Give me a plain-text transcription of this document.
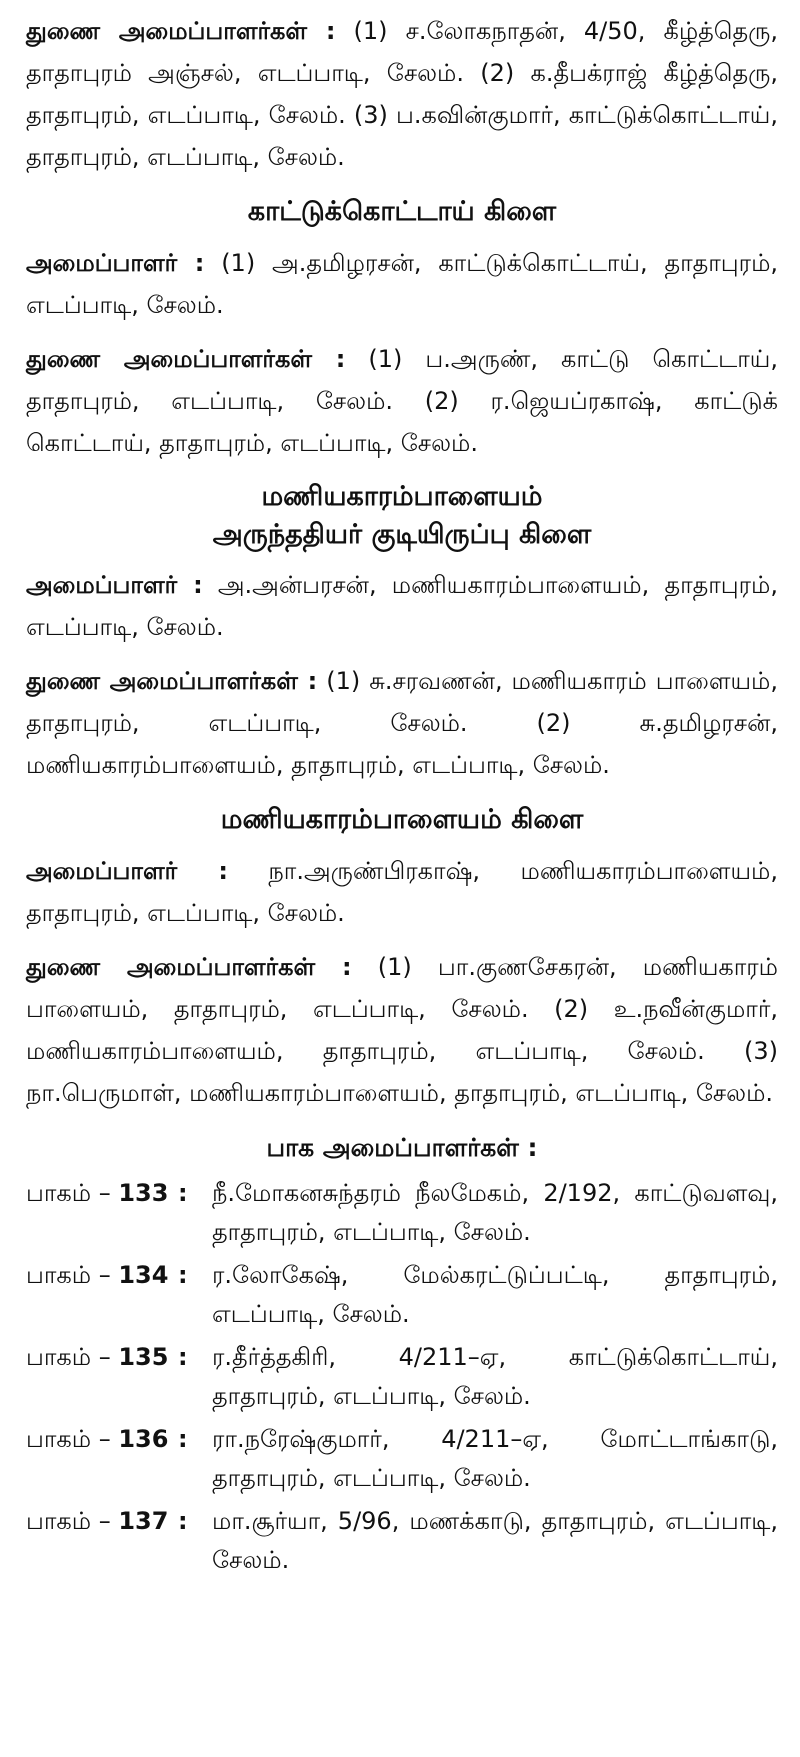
துணை அமைப்பாளர்கள் : (1) ச.லோகநாதன், 4/50, கீழ்த்தெரு, தாதாபுரம் அஞ்சல், எடப்பாடி, சேலம். (2) க.தீபக்ராஜ் கீழ்த்தெரு, தாதாபுரம், எடப்பாடி, சேலம். (3) ப.கவின்குமார், காட்டுக்கொட்டாய், தாதாபுரம், எடப்பாடி, சேலம்.

காட்டுக்கொட்டாய் கிளை

அமைப்பாளர் : (1) அ.தமிழரசன், காட்டுக்கொட்டாய், தாதாபுரம், எடப்பாடி, சேலம்.

துணை அமைப்பாளர்கள் : (1) ப.அருண், காட்டு கொட்டாய், தாதாபுரம், எடப்பாடி, சேலம். (2) ர.ஜெயப்ரகாஷ், காட்டுக் கொட்டாய், தாதாபுரம், எடப்பாடி, சேலம்.

மணியகாரம்பாளையம்
அருந்ததியர் குடியிருப்பு கிளை

அமைப்பாளர் : அ.அன்பரசன், மணியகாரம்பாளையம், தாதாபுரம், எடப்பாடி, சேலம்.

துணை அமைப்பாளர்கள் : (1) சு.சரவணன், மணியகாரம் பாளையம், தாதாபுரம், எடப்பாடி, சேலம். (2) சு.தமிழரசன், மணியகாரம்பாளையம், தாதாபுரம், எடப்பாடி, சேலம்.

மணியகாரம்பாளையம் கிளை

அமைப்பாளர் : நா.அருண்பிரகாஷ், மணியகாரம்பாளையம், தாதாபுரம், எடப்பாடி, சேலம்.

துணை அமைப்பாளர்கள் : (1) பா.குணசேகரன், மணியகாரம் பாளையம், தாதாபுரம், எடப்பாடி, சேலம். (2) உ.நவீன்குமார், மணியகாரம்பாளையம், தாதாபுரம், எடப்பாடி, சேலம். (3) நா.பெருமாள், மணியகாரம்பாளையம், தாதாபுரம், எடப்பாடி, சேலம்.

பாக அமைப்பாளர்கள் :
பாகம் – 133 :	நீ.மோகனசுந்தரம் நீலமேகம், 2/192, காட்டுவளவு, தாதாபுரம், எடப்பாடி, சேலம்.
பாகம் – 134 :	ர.லோகேஷ், மேல்கரட்டுப்பட்டி, தாதாபுரம், எடப்பாடி, சேலம்.
பாகம் – 135 :	ர.தீர்த்தகிரி, 4/211–ஏ, காட்டுக்கொட்டாய், தாதாபுரம், எடப்பாடி, சேலம்.
பாகம் – 136 :	ரா.நரேஷ்குமார், 4/211–ஏ, மோட்டாங்காடு, தாதாபுரம், எடப்பாடி, சேலம்.
பாகம் – 137 :	மா.சூர்யா, 5/96, மணக்காடு, தாதாபுரம், எடப்பாடி, சேலம்.
